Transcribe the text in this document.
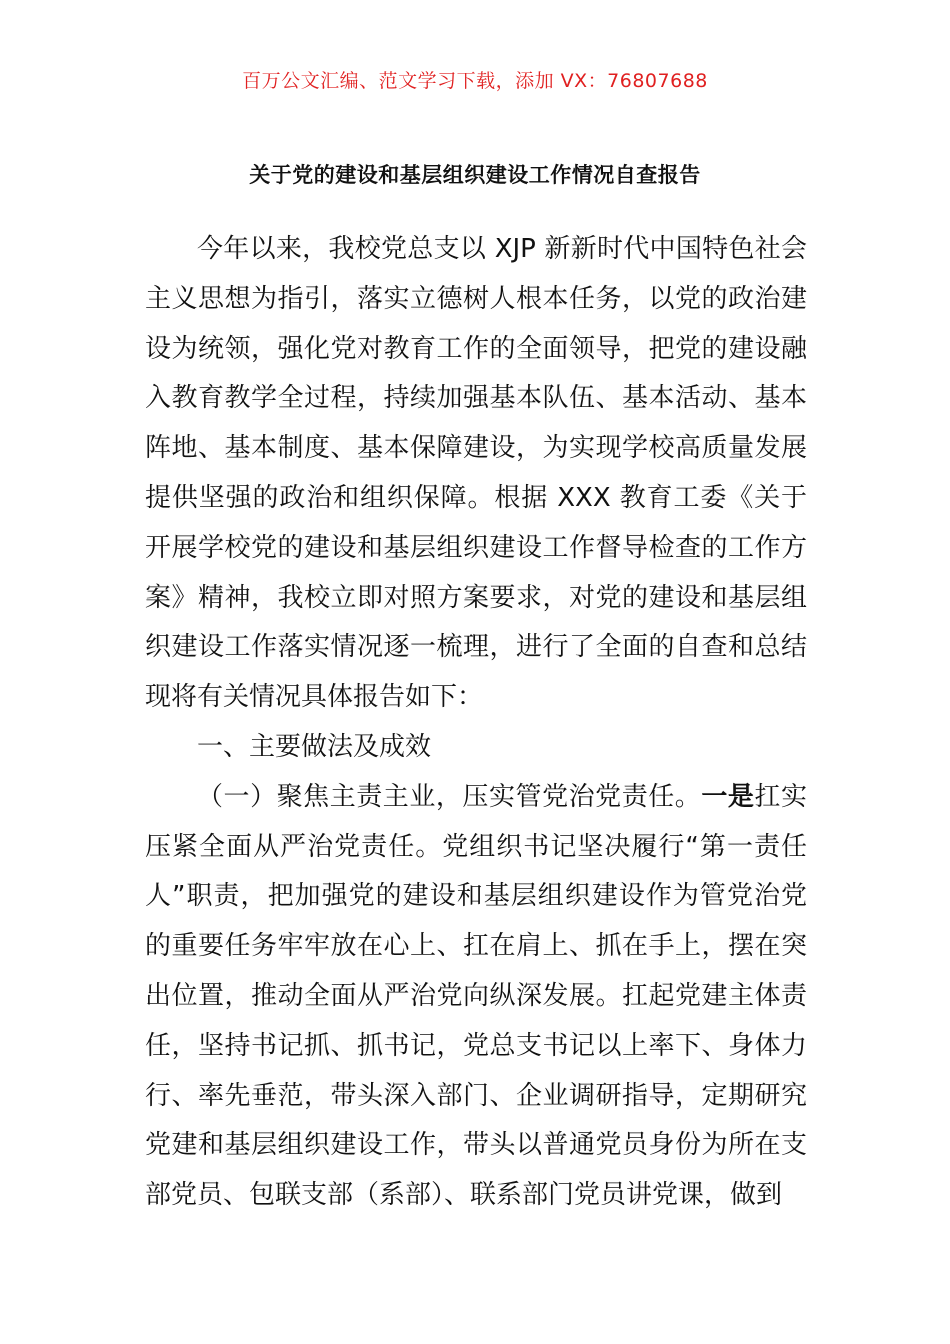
百万公文汇编、范文学习下载，添加 VX：76807688
关于党的建设和基层组织建设工作情况自查报告

今年以来，我校党总支以 XJP 新新时代中国特色社会主义思想为指引，落实立德树人根本任务，以党的政治建设为统领，强化党对教育工作的全面领导，把党的建设融入教育教学全过程，持续加强基本队伍、基本活动、基本阵地、基本制度、基本保障建设，为实现学校高质量发展提供坚强的政治和组织保障。根据 XXX 教育工委《关于开展学校党的建设和基层组织建设工作督导检查的工作方案》精神，我校立即对照方案要求，对党的建设和基层组织建设工作落实情况逐一梳理，进行了全面的自查和总结现将有关情况具体报告如下：

一、主要做法及成效

（一）聚焦主责主业，压实管党治党责任。一是扛实压紧全面从严治党责任。党组织书记坚决履行“第一责任人”职责，把加强党的建设和基层组织建设作为管党治党的重要任务牢牢放在心上、扛在肩上、抓在手上，摆在突出位置，推动全面从严治党向纵深发展。扛起党建主体责任，坚持书记抓、抓书记，党总支书记以上率下、身体力行、率先垂范，带头深入部门、企业调研指导，定期研究党建和基层组织建设工作，带头以普通党员身份为所在支部党员、包联支部（系部）、联系部门党员讲党课，做到
